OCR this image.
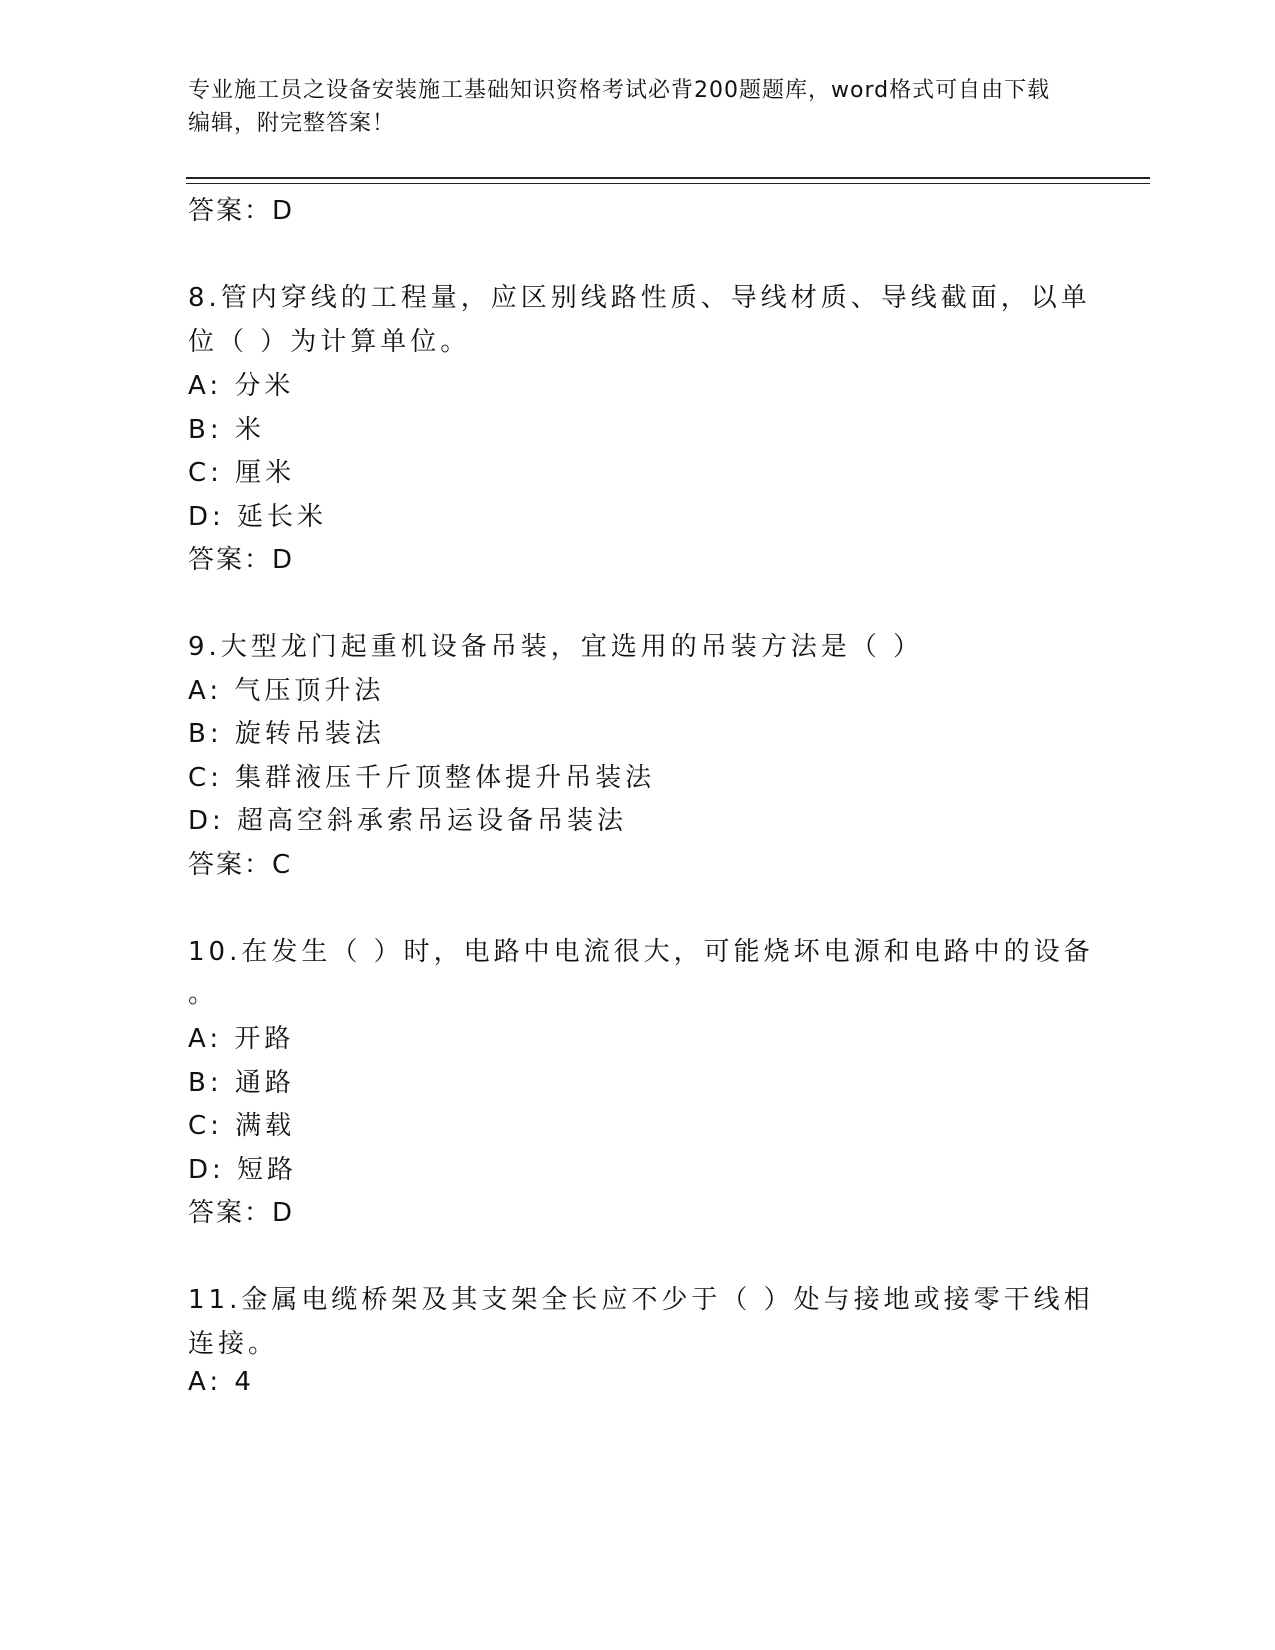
专业施工员之设备安装施工基础知识资格考试必背200题题库，word格式可自由下载编辑，附完整答案！
答案：D
8.管内穿线的工程量，应区别线路性质、导线材质、导线截面，以单
位（ ）为计算单位。
A: 分米
B: 米
C: 厘米
D: 延长米
答案：D
9.大型龙门起重机设备吊装，宜选用的吊装方法是（ ）
A: 气压顶升法
B: 旋转吊装法
C: 集群液压千斤顶整体提升吊装法
D: 超高空斜承索吊运设备吊装法
答案：C
10.在发生（ ）时，电路中电流很大，可能烧坏电源和电路中的设备
。
A: 开路
B: 通路
C: 满载
D: 短路
答案：D
11.金属电缆桥架及其支架全长应不少于（ ）处与接地或接零干线相
连接。
A: 4
